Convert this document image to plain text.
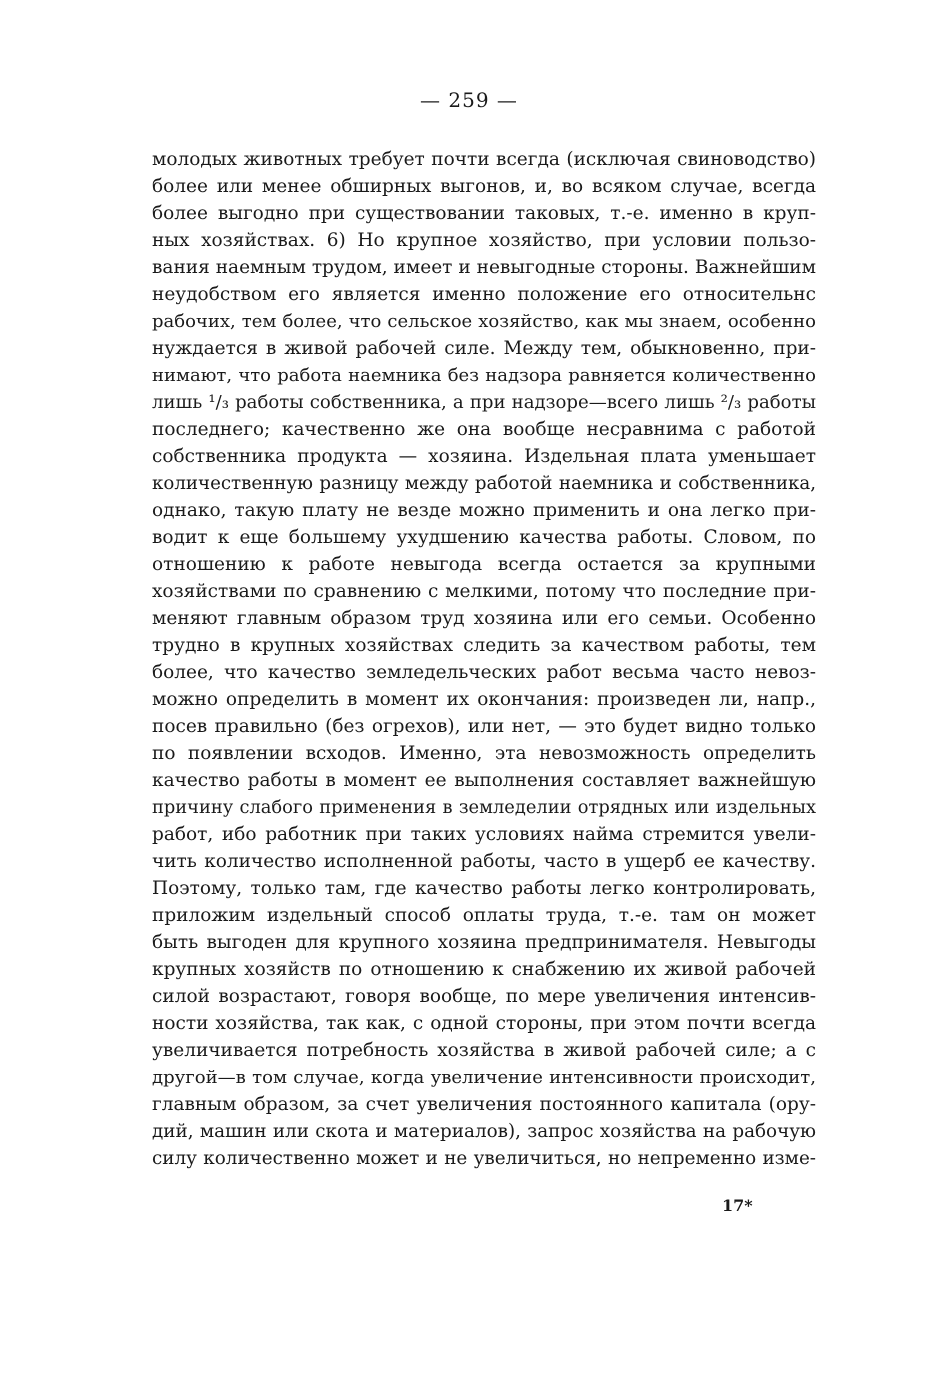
— 259 —
молодых животных требует почти всегда (исключая свиноводство)
более или менее обширных выгонов, и, во всяком случае, всегда
более выгодно при существовании таковых, т.-е. именно в круп-
ных хозяйствах. 6) Но крупное хозяйство, при условии пользо-
вания наемным трудом, имеет и невыгодные стороны. Важнейшим
неудобством его является именно положение его относительнс
рабочих, тем более, что сельское хозяйство, как мы знаем, особенно
нуждается в живой рабочей силе. Между тем, обыкновенно, при-
нимают, что работа наемника без надзора равняется количественно
лишь ¹/₃ работы собственника, а при надзоре—всего лишь ²/₃ работы
последнего; качественно же она вообще несравнима с работой
собственника продукта — хозяина. Издельная плата уменьшает
количественную разницу между работой наемника и собственника,
однако, такую плату не везде можно применить и она легко при-
водит к еще большему ухудшению качества работы. Словом, по
отношению к работе невыгода всегда остается за крупными
хозяйствами по сравнению с мелкими, потому что последние при-
меняют главным образом труд хозяина или его семьи. Особенно
трудно в крупных хозяйствах следить за качеством работы, тем
более, что качество земледельческих работ весьма часто невоз-
можно определить в момент их окончания: произведен ли, напр.,
посев правильно (без огрехов), или нет, — это будет видно только
по появлении всходов. Именно, эта невозможность определить
качество работы в момент ее выполнения составляет важнейшую
причину слабого применения в земледелии отрядных или издельных
работ, ибо работник при таких условиях найма стремится увели-
чить количество исполненной работы, часто в ущерб ее качеству.
Поэтому, только там, где качество работы легко контролировать,
приложим издельный способ оплаты труда, т.-е. там он может
быть выгоден для крупного хозяина предпринимателя. Невыгоды
крупных хозяйств по отношению к снабжению их живой рабочей
силой возрастают, говоря вообще, по мере увеличения интенсив-
ности хозяйства, так как, с одной стороны, при этом почти всегда
увеличивается потребность хозяйства в живой рабочей силе; а с
другой—в том случае, когда увеличение интенсивности происходит,
главным образом, за счет увеличения постоянного капитала (ору-
дий, машин или скота и материалов), запрос хозяйства на рабочую
силу количественно может и не увеличиться, но непременно изме-
17*
